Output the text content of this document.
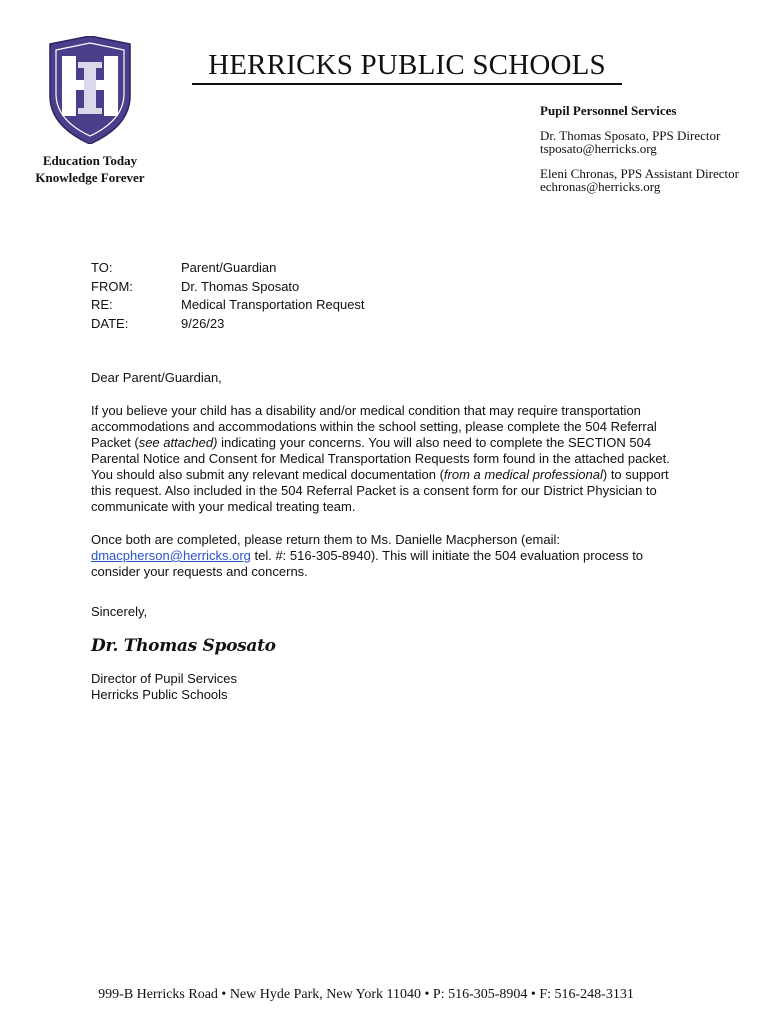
Education Today
Knowledge Forever
HERRICKS PUBLIC SCHOOLS
Pupil Personnel Services
Dr. Thomas Sposato, PPS Director
tsposato@herricks.org
Eleni Chronas, PPS Assistant Director
echronas@herricks.org
TO:	Parent/Guardian
FROM:	Dr. Thomas Sposato
RE:	Medical Transportation Request
DATE:	9/26/23

Dear Parent/Guardian,

If you believe your child has a disability and/or medical condition that may require transportation accommodations and accommodations within the school setting, please complete the 504 Referral Packet (see attached) indicating your concerns. You will also need to complete the SECTION 504 Parental Notice and Consent for Medical Transportation Requests form found in the attached packet. You should also submit any relevant medical documentation (from a medical professional) to support this request. Also included in the 504 Referral Packet is a consent form for our District Physician to communicate with your medical treating team.

Once both are completed, please return them to Ms. Danielle Macpherson (email: dmacpherson@herricks.org tel. #: 516-305-8940). This will initiate the 504 evaluation process to consider your requests and concerns.

Sincerely,

Dr. Thomas Sposato

Director of Pupil Services

Herricks Public Schools

999-B Herricks Road • New Hyde Park, New York 11040 • P: 516-305-8904 • F: 516-248-3131
